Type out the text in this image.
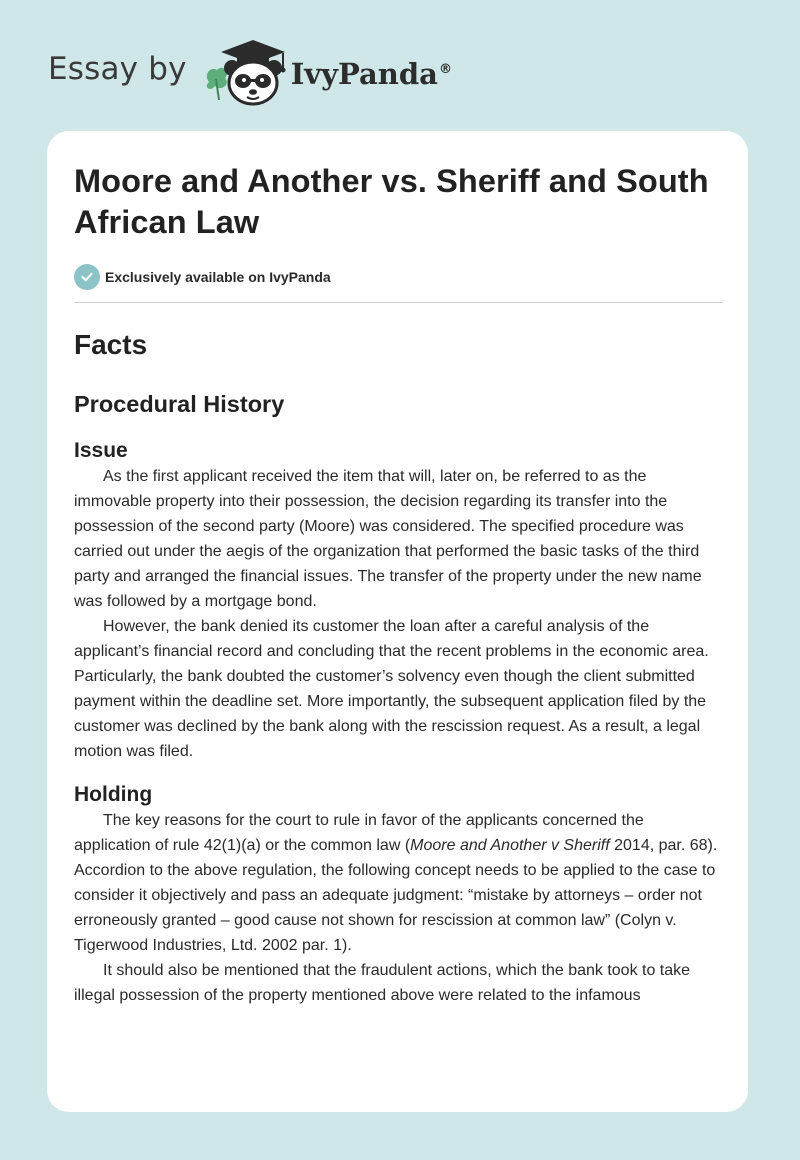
Essay by	IvyPanda®
Moore and Another vs. Sheriff and South African Law
Exclusively available on IvyPanda
Facts
Procedural History
Issue

As the first applicant received the item that will, later on, be referred to as the immovable property into their possession, the decision regarding its transfer into the possession of the second party (Moore) was considered. The specified procedure was carried out under the aegis of the organization that performed the basic tasks of the third party and arranged the financial issues. The transfer of the property under the new name was followed by a mortgage bond.

However, the bank denied its customer the loan after a careful analysis of the applicant’s financial record and concluding that the recent problems in the economic area. Particularly, the bank doubted the customer’s solvency even though the client submitted payment within the deadline set. More importantly, the subsequent application filed by the customer was declined by the bank along with the rescission request. As a result, a legal motion was filed.

Holding

The key reasons for the court to rule in favor of the applicants concerned the application of rule 42(1)(a) or the common law (Moore and Another v Sheriff 2014, par. 68). Accordion to the above regulation, the following concept needs to be applied to the case to consider it objectively and pass an adequate judgment: “mistake by attorneys – order not erroneously granted – good cause not shown for rescission at common law” (Colyn v. Tigerwood Industries, Ltd. 2002 par. 1).

It should also be mentioned that the fraudulent actions, which the bank took to take illegal possession of the property mentioned above were related to the infamous
